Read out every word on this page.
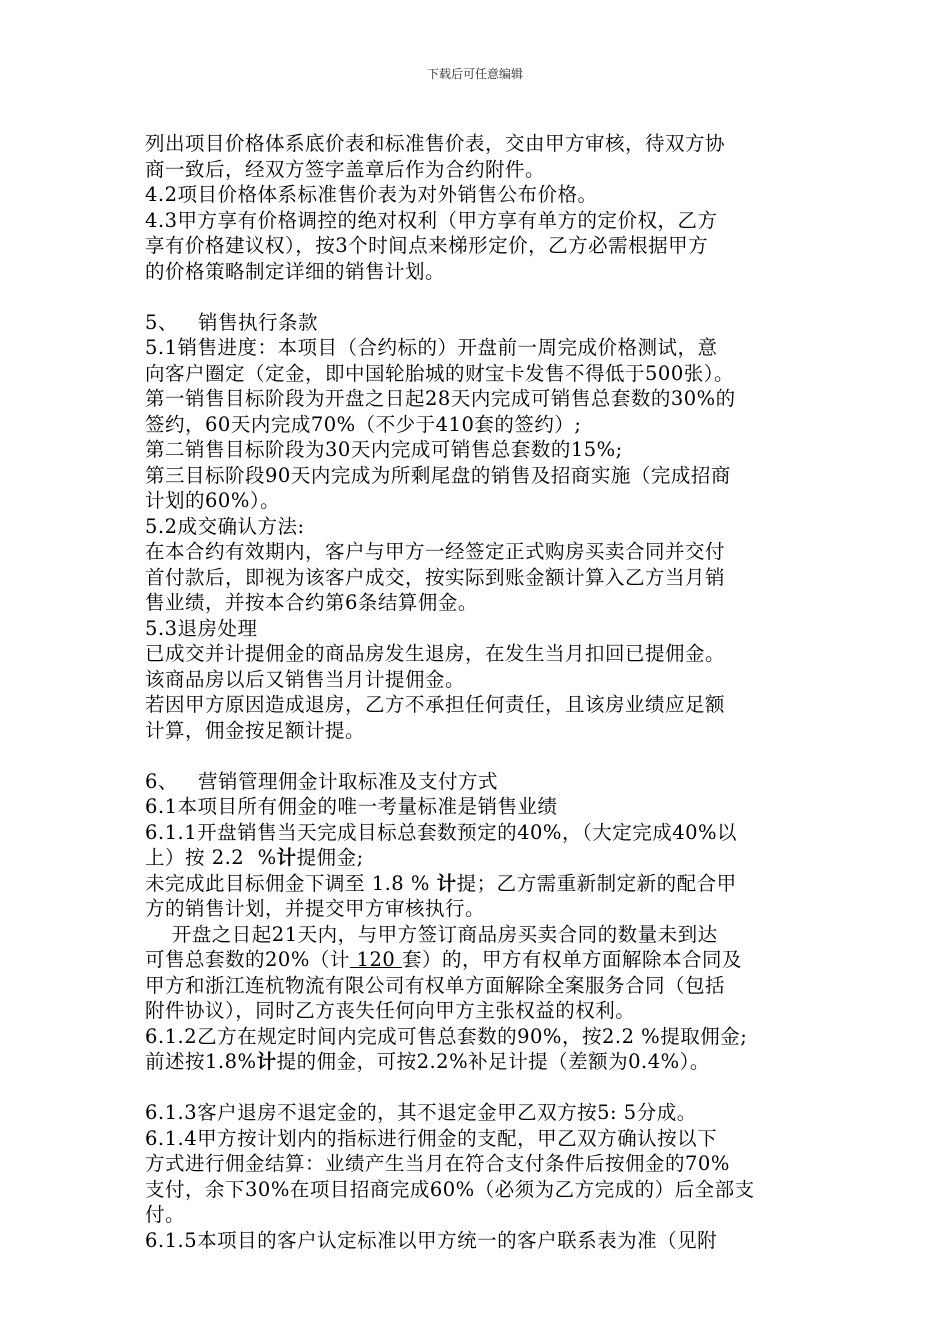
下载后可任意编辑
列出项目价格体系底价表和标准售价表，交由甲方审核，待双方协
商一致后，经双方签字盖章后作为合约附件。
4.2项目价格体系标准售价表为对外销售公布价格。
4.3甲方享有价格调控的绝对权利（甲方享有单方的定价权，乙方
享有价格建议权），按3个时间点来梯形定价，乙方必需根据甲方
的价格策略制定详细的销售计划。
5、   销售执行条款
5.1销售进度：本项目（合约标的）开盘前一周完成价格测试，意
向客户圈定（定金，即中国轮胎城的财宝卡发售不得低于500张）。
第一销售目标阶段为开盘之日起28天内完成可销售总套数的30%的
签约，60天内完成70%（不少于410套的签约）;
第二销售目标阶段为30天内完成可销售总套数的15%;
第三目标阶段90天内完成为所剩尾盘的销售及招商实施（完成招商
计划的60%）。
5.2成交确认方法:
在本合约有效期内，客户与甲方一经签定正式购房买卖合同并交付
首付款后，即视为该客户成交，按实际到账金额计算入乙方当月销
售业绩，并按本合约第6条结算佣金。
5.3退房处理
已成交并计提佣金的商品房发生退房，在发生当月扣回已提佣金。
该商品房以后又销售当月计提佣金。
若因甲方原因造成退房，乙方不承担任何责任，且该房业绩应足额
计算，佣金按足额计提。
6、   营销管理佣金计取标准及支付方式
6.1本项目所有佣金的唯一考量标准是销售业绩
6.1.1开盘销售当天完成目标总套数预定的40%，（大定完成40%以
上）按 2.2  %计提佣金;
未完成此目标佣金下调至 1.8 % 计提；乙方需重新制定新的配合甲
方的销售计划，并提交甲方审核执行。
开盘之日起21天内，与甲方签订商品房买卖合同的数量未到达
可售总套数的20%（计 120 套）的，甲方有权单方面解除本合同及
甲方和浙江连杭物流有限公司有权单方面解除全案服务合同（包括
附件协议），同时乙方丧失任何向甲方主张权益的权利。
6.1.2乙方在规定时间内完成可售总套数的90%，按2.2 %提取佣金;
前述按1.8%计提的佣金，可按2.2%补足计提（差额为0.4%）。
6.1.3客户退房不退定金的，其不退定金甲乙双方按5: 5分成。
6.1.4甲方按计划内的指标进行佣金的支配，甲乙双方确认按以下
方式进行佣金结算：业绩产生当月在符合支付条件后按佣金的70%
支付，余下30%在项目招商完成60%（必须为乙方完成的）后全部支
付。
6.1.5本项目的客户认定标准以甲方统一的客户联系表为准（见附
